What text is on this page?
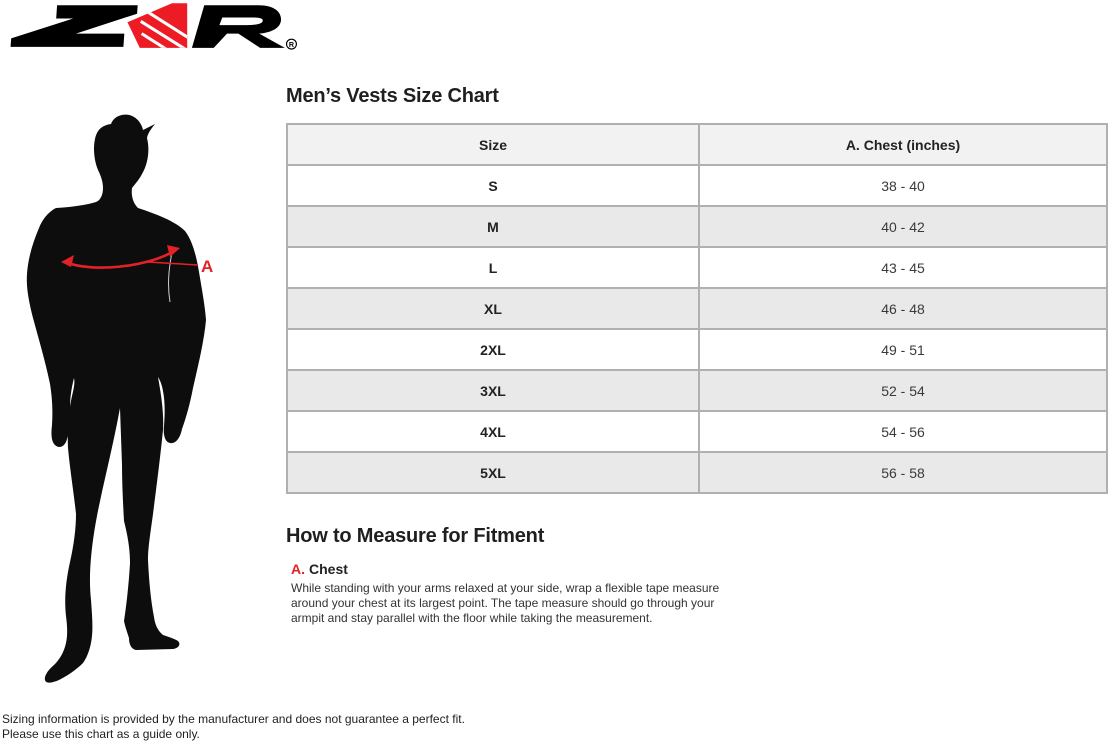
R
A
Men’s Vests Size Chart
Size	A. Chest (inches)
S	38 - 40
M	40 - 42
L	43 - 45
XL	46 - 48
2XL	49 - 51
3XL	52 - 54
4XL	54 - 56
5XL	56 - 58
How to Measure for Fitment
A. Chest
While standing with your arms relaxed at your side, wrap a flexible tape measure around your chest at its largest point. The tape measure should go through your armpit and stay parallel with the floor while taking the measurement.
Sizing information is provided by the manufacturer and does not guarantee a perfect fit.
Please use this chart as a guide only.
